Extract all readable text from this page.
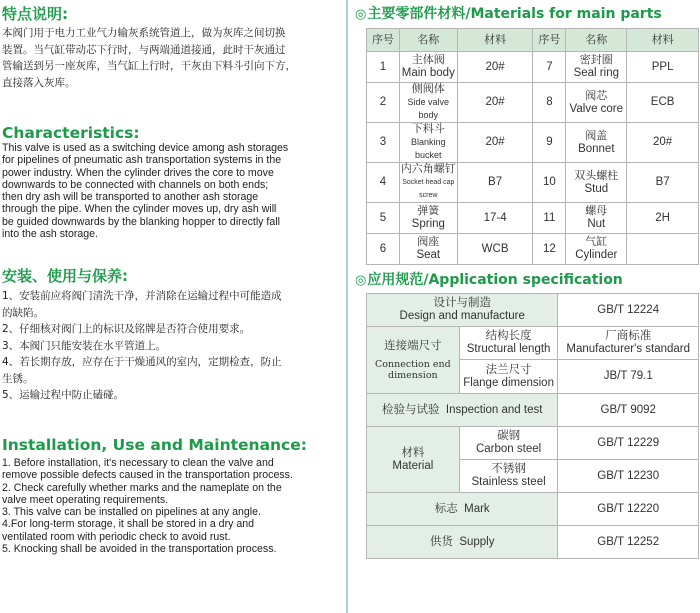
特点说明:
本阀门用于电力工业气力输灰系统管道上，做为灰库之间切换
装置。当气缸带动芯下行时，与两端通道接通，此时干灰通过
管输送到另一座灰库，当气缸上行时，干灰由下料斗引向下方，
直接落入灰库。
Characteristics:
This valve is used as a switching device among ash storages
for pipelines of pneumatic ash transportation systems in the
power industry. When the cylinder drives the core to move
downwards to be connected with channels on both ends;
then dry ash will be transported to another ash storage
through the pipe. When the cylinder moves up, dry ash will
be guided downwards by the blanking hopper to directly fall
into the ash storage.
安装、使用与保养:
1、安装前应将阀门清洗干净，并消除在运输过程中可能造成
的缺陷。
2、仔细核对阀门上的标识及铭牌是否符合使用要求。
3、本阀门只能安装在水平管道上。
4、若长期存放，应存在于干燥通风的室内，定期检查，防止
生锈。
5、运输过程中防止磕碰。
Installation, Use and Maintenance:
1. Before installation, it's necessary to clean the valve and
remove possible defects caused in the transportation process.
2. Check carefully whether marks and the nameplate on the
valve meet operating requirements.
3. This valve can be installed on pipelines at any angle.
4.For long-term storage, it shall be stored in a dry and
ventilated room with periodic check to avoid rust.
5. Knocking shall be avoided in the transportation process.
◎主要零部件材料/Materials for main parts
序号	名称	材料	序号	名称	材料
1	主体阀
Main body	20#	7	密封圈
Seal ring	PPL
2	侧阀体
Side valve body	20#	8	阀芯
Valve core	ECB
3	下料斗
Blanking bucket	20#	9	阀盖
Bonnet	20#
4	内六角螺钉
Socket head cap screw	B7	10	双头螺柱
Stud	B7
5	弹簧
Spring	17-4	11	螺母
Nut	2H
6	阀座
Seat	WCB	12	气缸
Cylinder	

◎应用规范/Application specification
设计与制造
Design and manufacture		GB/T 12224

连接端尺寸
Connection end
dimension	结构长度
Structural length	厂商标准
Manufacturer's standard

	法兰尺寸
Flange dimension	JB/T 79.1
检验与试验 Inspection and test		GB/T 9092

材料
Material	碳钢
Carbon steel	GB/T 12229

	不锈钢
Stainless steel	GB/T 12230
标志 Mark		GB/T 12220
供货 Supply		GB/T 12252
